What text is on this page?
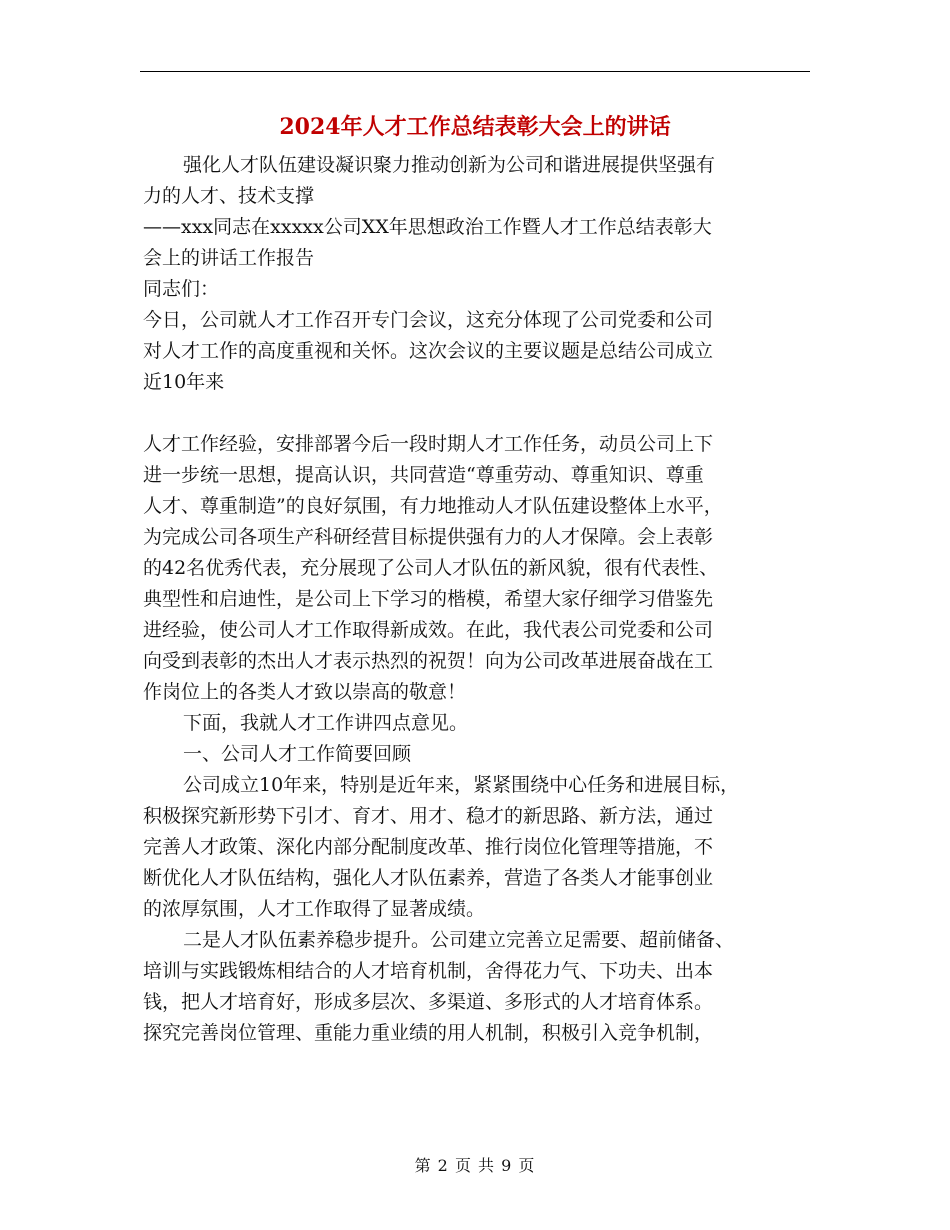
2024年人才工作总结表彰大会上的讲话
强化人才队伍建设凝识聚力推动创新为公司和谐进展提供坚强有
力的人才、技术支撑
——xxx同志在xxxxx公司XX年思想政治工作暨人才工作总结表彰大
会上的讲话工作报告
同志们：
今日，公司就人才工作召开专门会议，这充分体现了公司党委和公司
对人才工作的高度重视和关怀。这次会议的主要议题是总结公司成立
近10年来
人才工作经验，安排部署今后一段时期人才工作任务，动员公司上下
进一步统一思想，提高认识，共同营造“尊重劳动、尊重知识、尊重
人才、尊重制造”的良好氛围，有力地推动人才队伍建设整体上水平，
为完成公司各项生产科研经营目标提供强有力的人才保障。会上表彰
的42名优秀代表，充分展现了公司人才队伍的新风貌，很有代表性、
典型性和启迪性，是公司上下学习的楷模，希望大家仔细学习借鉴先
进经验，使公司人才工作取得新成效。在此，我代表公司党委和公司
向受到表彰的杰出人才表示热烈的祝贺！向为公司改革进展奋战在工
作岗位上的各类人才致以崇高的敬意！
下面，我就人才工作讲四点意见。
一、公司人才工作简要回顾
公司成立10年来，特别是近年来，紧紧围绕中心任务和进展目标，
积极探究新形势下引才、育才、用才、稳才的新思路、新方法，通过
完善人才政策、深化内部分配制度改革、推行岗位化管理等措施，不
断优化人才队伍结构，强化人才队伍素养，营造了各类人才能事创业
的浓厚氛围，人才工作取得了显著成绩。
二是人才队伍素养稳步提升。公司建立完善立足需要、超前储备、
培训与实践锻炼相结合的人才培育机制，舍得花力气、下功夫、出本
钱，把人才培育好，形成多层次、多渠道、多形式的人才培育体系。
探究完善岗位管理、重能力重业绩的用人机制，积极引入竞争机制，
第 2 页 共 9 页
